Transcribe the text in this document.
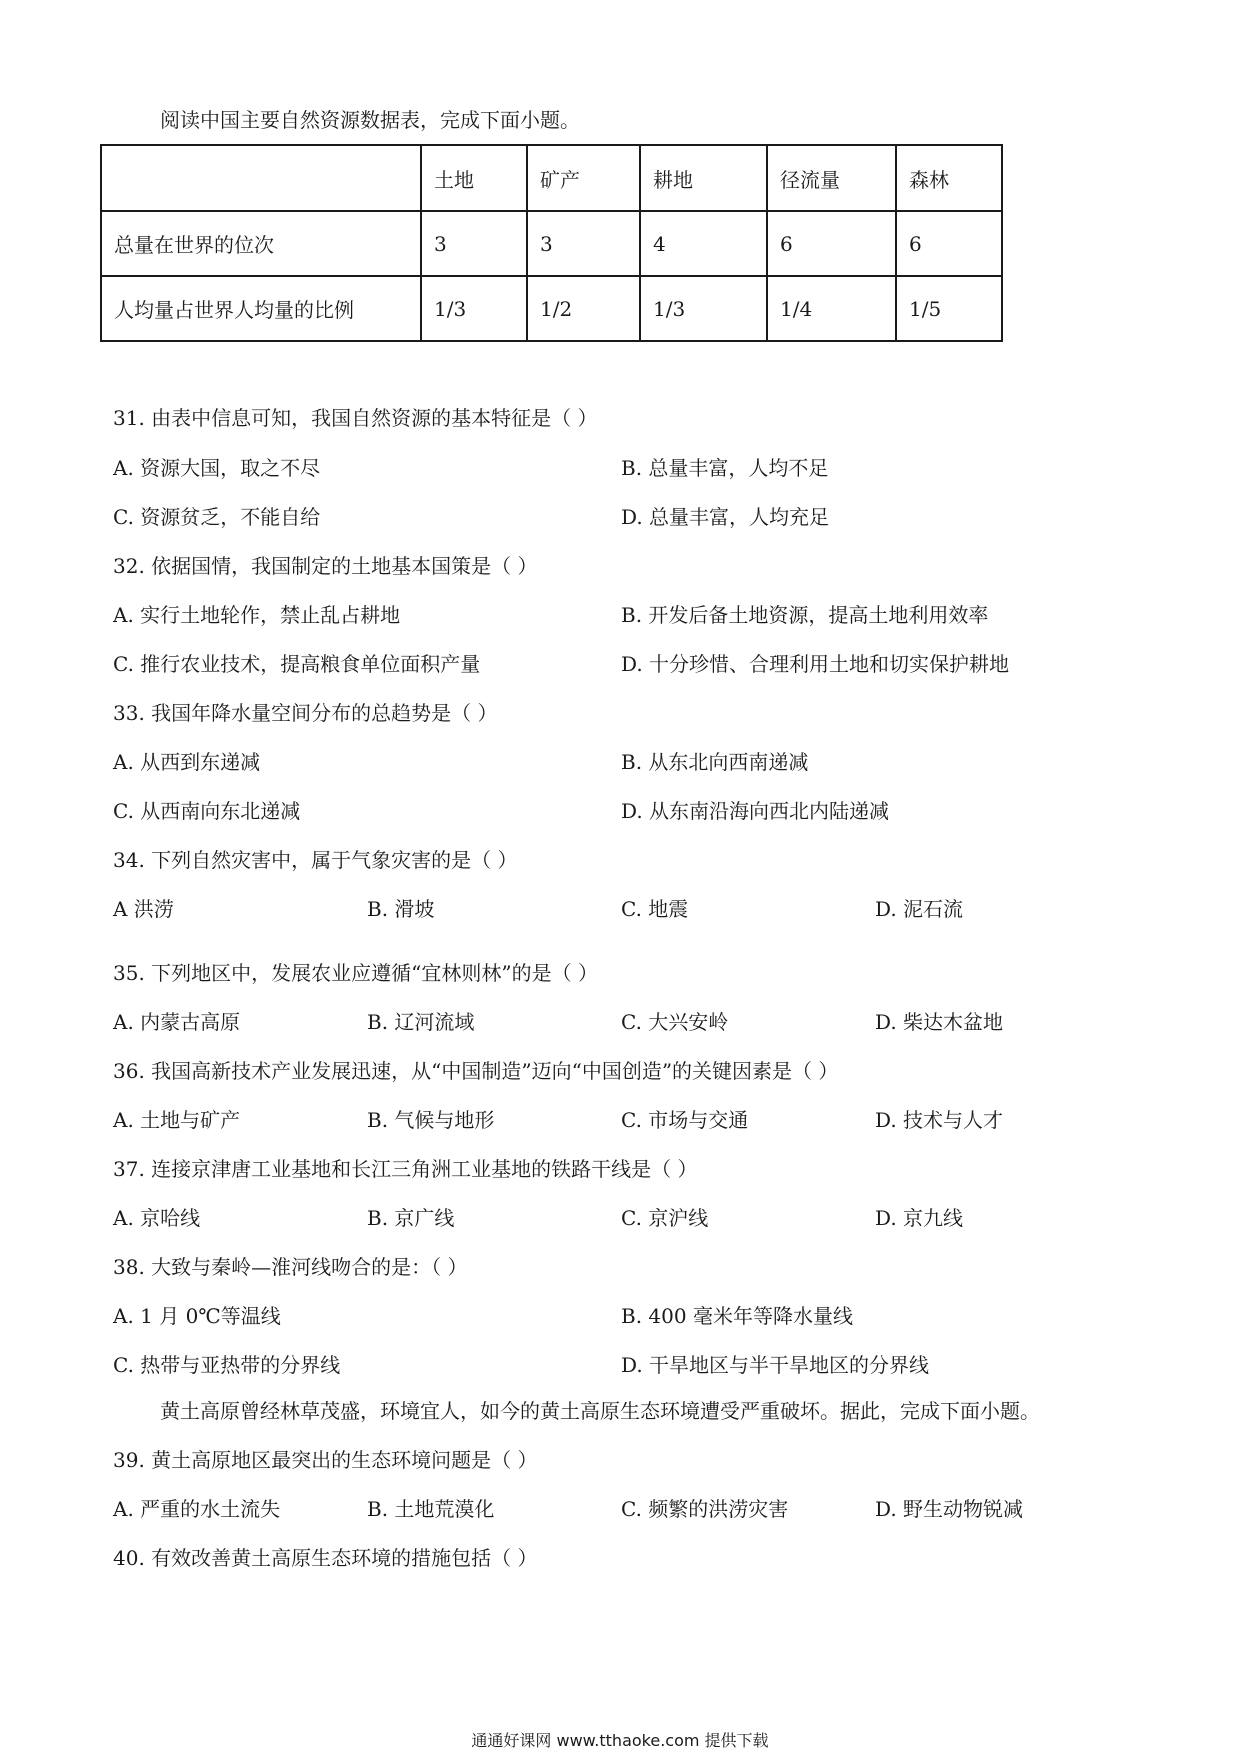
阅读中国主要自然资源数据表，完成下面小题。
	土地	矿产	耕地	径流量	森林
总量在世界的位次	3	3	4	6	6
人均量占世界人均量的比例	1/3	1/2	1/3	1/4	1/5
31. 由表中信息可知，我国自然资源的基本特征是（ ）
A. 资源大国，取之不尽	B. 总量丰富，人均不足
C. 资源贫乏，不能自给	D. 总量丰富，人均充足
32. 依据国情，我国制定的土地基本国策是（ ）
A. 实行土地轮作，禁止乱占耕地	B. 开发后备土地资源，提高土地利用效率
C. 推行农业技术，提高粮食单位面积产量	D. 十分珍惜、合理利用土地和切实保护耕地
33. 我国年降水量空间分布的总趋势是（ ）
A. 从西到东递减	B. 从东北向西南递减
C. 从西南向东北递减	D. 从东南沿海向西北内陆递减
34. 下列自然灾害中，属于气象灾害的是（ ）
A 洪涝	B. 滑坡	C. 地震	D. 泥石流
35. 下列地区中，发展农业应遵循“宜林则林”的是（ ）
A. 内蒙古高原	B. 辽河流域	C. 大兴安岭	D. 柴达木盆地
36. 我国高新技术产业发展迅速，从“中国制造”迈向“中国创造”的关键因素是（ ）
A. 土地与矿产	B. 气候与地形	C. 市场与交通	D. 技术与人才
37. 连接京津唐工业基地和长江三角洲工业基地的铁路干线是（ ）
A. 京哈线	B. 京广线	C. 京沪线	D. 京九线
38. 大致与秦岭—淮河线吻合的是：（ ）
A. 1 月 0℃等温线	B. 400 毫米年等降水量线
C. 热带与亚热带的分界线	D. 干旱地区与半干旱地区的分界线
黄土高原曾经林草茂盛，环境宜人，如今的黄土高原生态环境遭受严重破坏。据此，完成下面小题。
39. 黄土高原地区最突出的生态环境问题是（ ）
A. 严重的水土流失	B. 土地荒漠化	C. 频繁的洪涝灾害	D. 野生动物锐减
40. 有效改善黄土高原生态环境的措施包括（ ）
通通好课网 www.tthaoke.com 提供下载
